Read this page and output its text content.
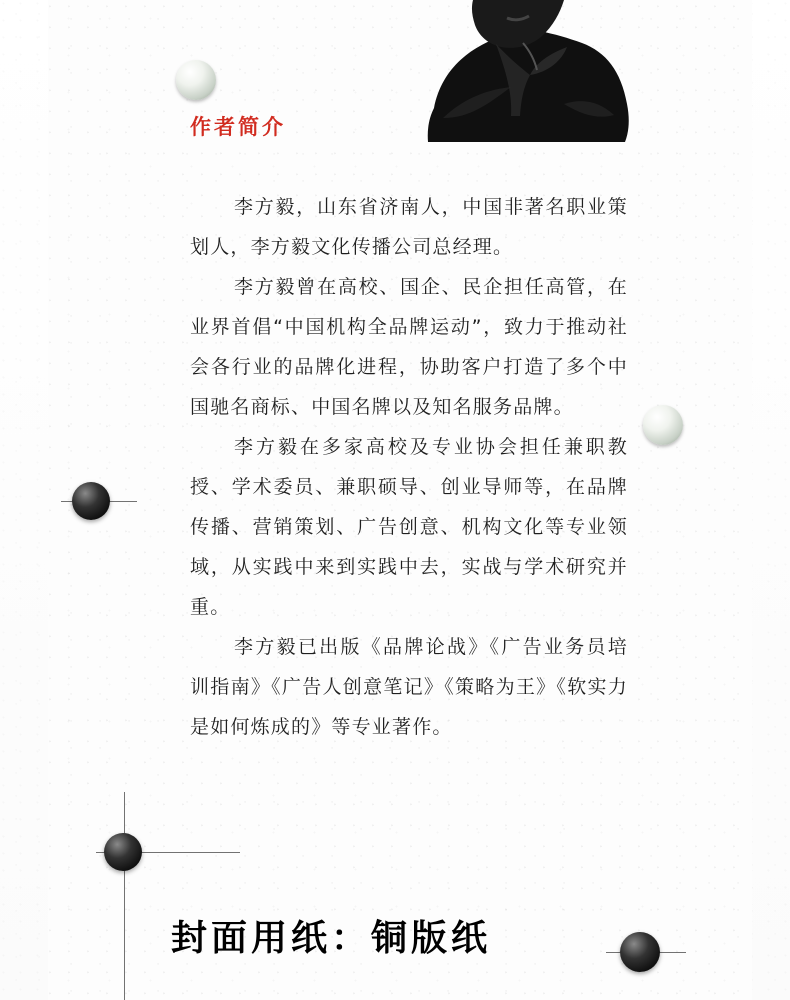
作者简介

李方毅，山东省济南人，中国非著名职业策划人，李方毅文化传播公司总经理。

李方毅曾在高校、国企、民企担任高管，在业界首倡“中国机构全品牌运动”，致力于推动社会各行业的品牌化进程，协助客户打造了多个中国驰名商标、中国名牌以及知名服务品牌。

李方毅在多家高校及专业协会担任兼职教授、学术委员、兼职硕导、创业导师等，在品牌传播、营销策划、广告创意、机构文化等专业领域，从实践中来到实践中去，实战与学术研究并重。

李方毅已出版《品牌论战》《广告业务员培训指南》《广告人创意笔记》《策略为王》《软实力是如何炼成的》等专业著作。

封面用纸：铜版纸
